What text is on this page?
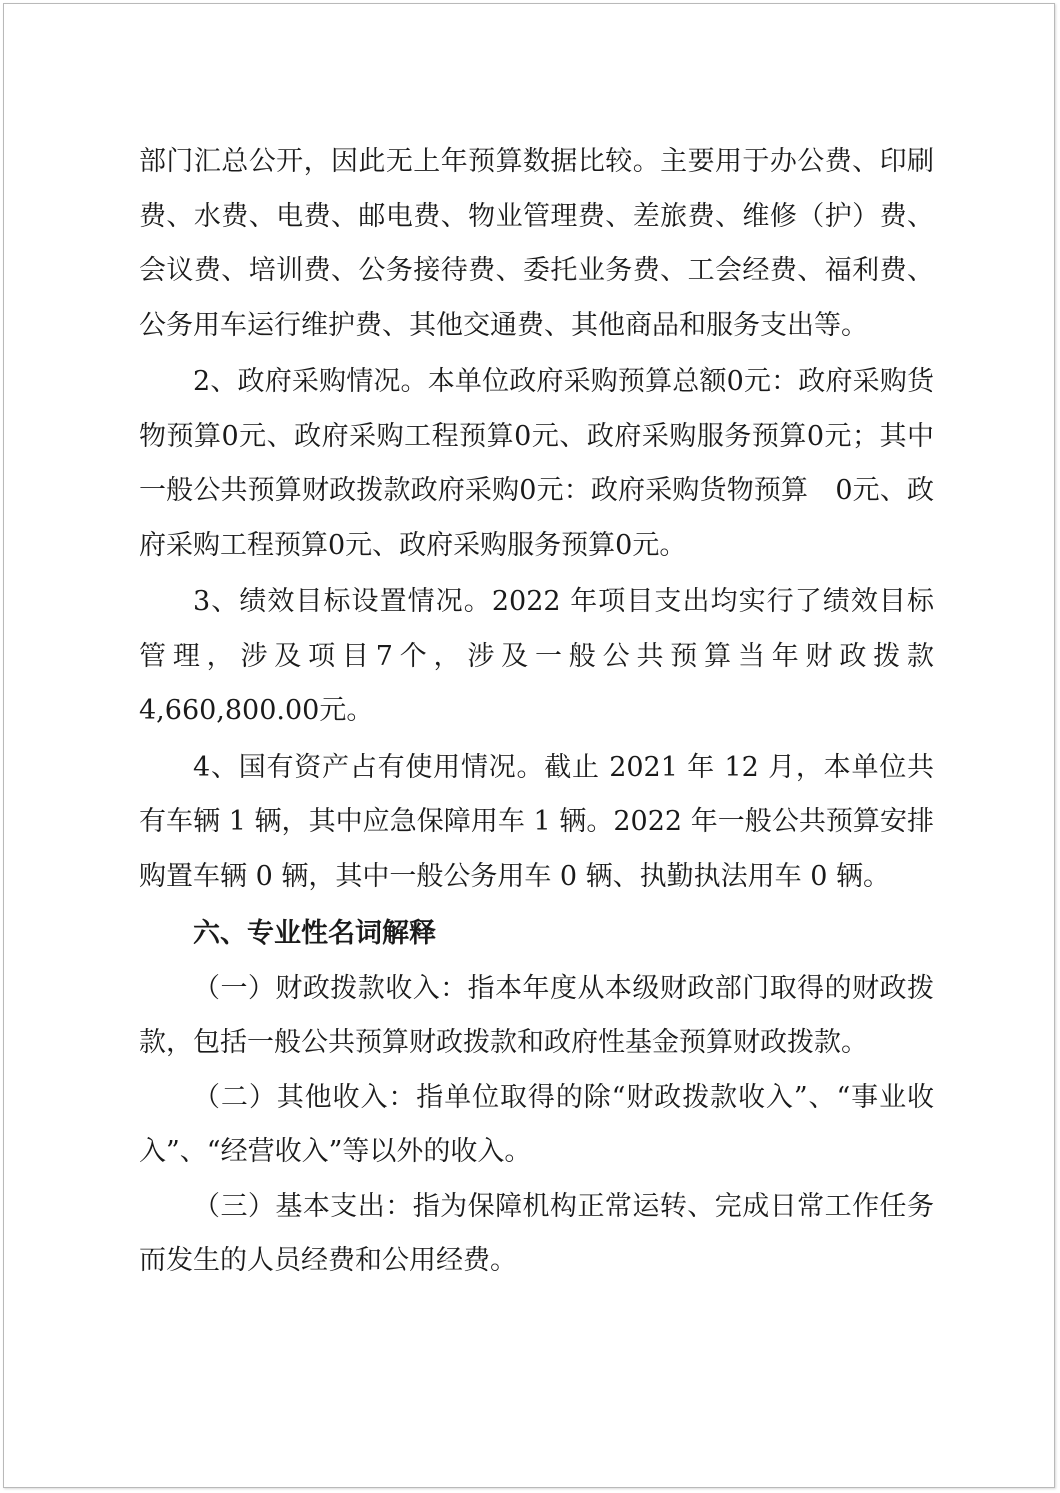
部门汇总公开，因此无上年预算数据比较。主要用于办公费、印刷费、水费、电费、邮电费、物业管理费、差旅费、维修（护）费、会议费、培训费、公务接待费、委托业务费、工会经费、福利费、公务用车运行维护费、其他交通费、其他商品和服务支出等。

2、政府采购情况。本单位政府采购预算总额0元：政府采购货物预算0元、政府采购工程预算0元、政府采购服务预算0元；其中一般公共预算财政拨款政府采购0元：政府采购货物预算　0元、政府采购工程预算0元、政府采购服务预算0元。

3、绩效目标设置情况。2022 年项目支出均实行了绩效目标管理，涉及项目7个，涉及一般公共预算当年财政拨款4,660,800.00元。

4、国有资产占有使用情况。截止 2021 年 12 月，本单位共有车辆 1 辆，其中应急保障用车 1 辆。2022 年一般公共预算安排购置车辆 0 辆，其中一般公务用车 0 辆、执勤执法用车 0 辆。

六、专业性名词解释

（一）财政拨款收入：指本年度从本级财政部门取得的财政拨款，包括一般公共预算财政拨款和政府性基金预算财政拨款。

（二）其他收入：指单位取得的除“财政拨款收入”、“事业收入”、“经营收入”等以外的收入。

（三）基本支出：指为保障机构正常运转、完成日常工作任务而发生的人员经费和公用经费。
